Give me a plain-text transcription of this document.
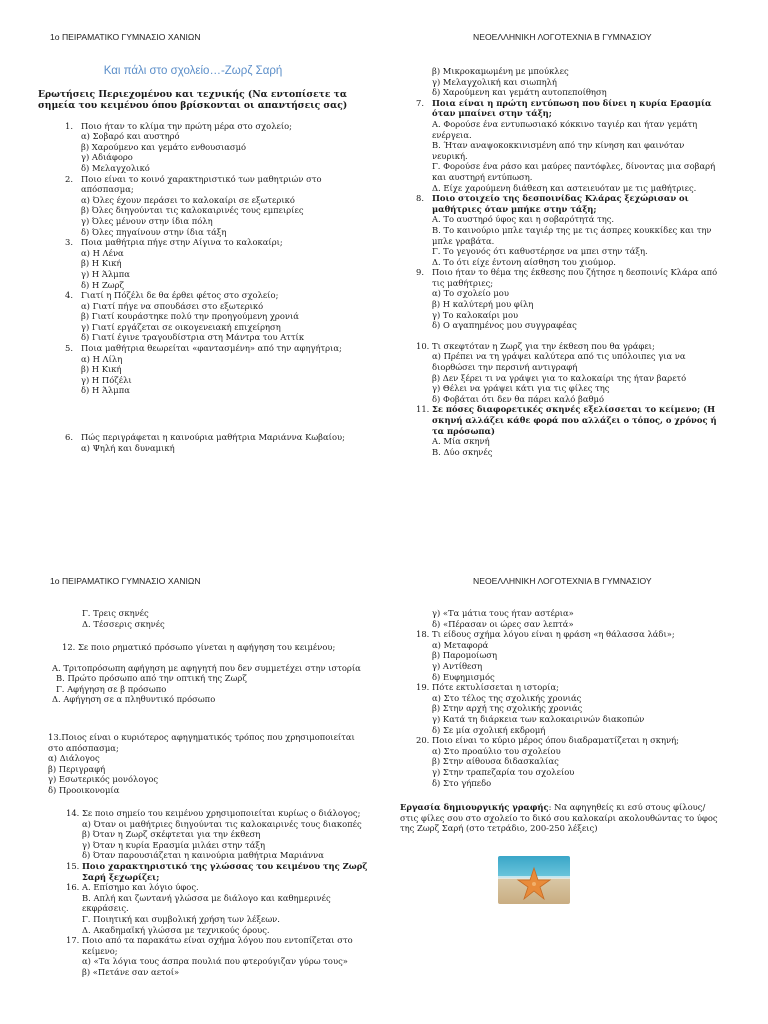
1ο ΠΕΙΡΑΜΑΤΙΚΟ ΓΥΜΝΑΣΙΟ ΧΑΝΙΩΝ	ΝΕΟΕΛΛΗΝΙΚΗ ΛΟΓΟΤΕΧΝΙΑ Β ΓΥΜΝΑΣΙΟΥ
Και πάλι στο σχολείο…-Ζωρζ Σαρή
Ερωτήσεις Περιεχομένου και τεχνικής (Να εντοπίσετε τα σημεία του κειμένου όπου βρίσκονται οι απαντήσεις σας)
1. Ποιο ήταν το κλίμα την πρώτη μέρα στο σχολείο;
α) Σοβαρό και αυστηρό
β) Χαρούμενο και γεμάτο ενθουσιασμό
γ) Αδιάφορο
δ) Μελαγχολικό
2. Ποιο είναι το κοινό χαρακτηριστικό των μαθητριών στο απόσπασμα;
α) Όλες έχουν περάσει το καλοκαίρι σε εξωτερικό
β) Όλες διηγούνται τις καλοκαιρινές τους εμπειρίες
γ) Όλες μένουν στην ίδια πόλη
δ) Όλες πηγαίνουν στην ίδια τάξη
3. Ποια μαθήτρια πήγε στην Αίγινα το καλοκαίρι;
α) Η Λένα
β) Η Κική
γ) Η Άλμπα
δ) Η Ζωρζ
4. Γιατί η Πόζέλι δε θα έρθει φέτος στο σχολείο;
α) Γιατί πήγε να σπουδάσει στο εξωτερικό
β) Γιατί κουράστηκε πολύ την προηγούμενη χρονιά
γ) Γιατί εργάζεται σε οικογενειακή επιχείρηση
δ) Γιατί έγινε τραγουδίστρια στη Μάντρα του Αττίκ
5. Ποια μαθήτρια θεωρείται «φαντασμένη» από την αφηγήτρια;
α) Η Λίλη
β) Η Κική
γ) Η Πόζέλι
δ) Η Άλμπα
6. Πώς περιγράφεται η καινούρια μαθήτρια Μαριάννα Κωβαίου;
α) Ψηλή και δυναμική
β) Μικροκαμωμένη με μπούκλες
γ) Μελαγχολική και σιωπηλή
δ) Χαρούμενη και γεμάτη αυτοπεποίθηση
7. Ποια είναι η πρώτη εντύπωση που δίνει η κυρία Ερασμία όταν μπαίνει στην τάξη;
Α. Φορούσε ένα εντυπωσιακό κόκκινο ταγιέρ και ήταν γεμάτη ενέργεια.
Β. Ήταν αναψοκοκκινισμένη από την κίνηση και φαινόταν νευρική.
Γ. Φορούσε ένα ράσο και μαύρες παντόφλες, δίνοντας μια σοβαρή και αυστηρή εντύπωση.
Δ. Είχε χαρούμενη διάθεση και αστειευόταν με τις μαθήτριες.
8. Ποιο στοιχείο της δεσποινίδας Κλάρας ξεχώρισαν οι μαθήτριες όταν μπήκε στην τάξη;
Α. Το αυστηρό ύφος και η σοβαρότητά της.
Β. Το καινούριο μπλε ταγιέρ της με τις άσπρες κουκκίδες και την μπλε γραβάτα.
Γ. Το γεγονός ότι καθυστέρησε να μπει στην τάξη.
Δ. Το ότι είχε έντονη αίσθηση του χιούμορ.
9. Ποιο ήταν το θέμα της έκθεσης που ζήτησε η δεσποινίς Κλάρα από τις μαθήτριες;
α) Το σχολείο μου
β) Η καλύτερή μου φίλη
γ) Το καλοκαίρι μου
δ) Ο αγαπημένος μου συγγραφέας
10. Τι σκεφτόταν η Ζωρζ για την έκθεση που θα γράφει;
α) Πρέπει να τη γράψει καλύτερα από τις υπόλοιπες για να διορθώσει την περσινή αντιγραφή
β) Δεν ξέρει τι να γράψει για το καλοκαίρι της ήταν βαρετό
γ) Θέλει να γράψει κάτι για τις φίλες της
δ) Φοβάται ότι δεν θα πάρει καλό βαθμό
11. Σε πόσες διαφορετικές σκηνές εξελίσσεται το κείμενο; (Η σκηνή αλλάζει κάθε φορά που αλλάζει ο τόπος, ο χρόνος ή τα πρόσωπα)
Α. Μία σκηνή
Β. Δύο σκηνές
1ο ΠΕΙΡΑΜΑΤΙΚΟ ΓΥΜΝΑΣΙΟ ΧΑΝΙΩΝ	ΝΕΟΕΛΛΗΝΙΚΗ ΛΟΓΟΤΕΧΝΙΑ Β ΓΥΜΝΑΣΙΟΥ
Γ. Τρεις σκηνές
Δ. Τέσσερις σκηνές
12. Σε ποιο ρηματικό πρόσωπο γίνεται η αφήγηση του κειμένου;
Α. Τριτοπρόσωπη αφήγηση με αφηγητή που δεν συμμετέχει στην ιστορία
Β. Πρώτο πρόσωπο από την οπτική της Ζωρζ
Γ. Αφήγηση σε β πρόσωπο
Δ. Αφήγηση σε α πληθυντικό πρόσωπο
13.Ποιος είναι ο κυριότερος αφηγηματικός τρόπος που χρησιμοποιείται στο απόσπασμα;
α) Διάλογος
β) Περιγραφή
γ) Εσωτερικός μονόλογος
δ) Προοικονομία
14. Σε ποιο σημείο του κειμένου χρησιμοποιείται κυρίως ο διάλογος;
α) Όταν οι μαθήτριες διηγούνται τις καλοκαιρινές τους διακοπές
β) Όταν η Ζωρζ σκέφτεται για την έκθεση
γ) Όταν η κυρία Ερασμία μιλάει στην τάξη
δ) Όταν παρουσιάζεται η καινούρια μαθήτρια Μαριάννα
15. Ποιο χαρακτηριστικό της γλώσσας του κειμένου της Ζωρζ Σαρή ξεχωρίζει;
16. Α. Επίσημο και λόγιο ύφος.
Β. Απλή και ζωντανή γλώσσα με διάλογο και καθημερινές εκφράσεις.
Γ. Ποιητική και συμβολική χρήση των λέξεων.
Δ. Ακαδημαϊκή γλώσσα με τεχνικούς όρους.
17. Ποιο από τα παρακάτω είναι σχήμα λόγου που εντοπίζεται στο κείμενο;
α) «Τα λόγια τους άσπρα πουλιά που φτερούγιζαν γύρω τους»
β) «Πετάνε σαν αετοί»
γ) «Τα μάτια τους ήταν αστέρια»
δ) «Πέρασαν οι ώρες σαν λεπτά»
18. Τι είδους σχήμα λόγου είναι η φράση «η θάλασσα λάδι»;
α) Μεταφορά
β) Παρομοίωση
γ) Αντίθεση
δ) Ευφημισμός
19. Πότε εκτυλίσσεται η ιστορία;
α) Στο τέλος της σχολικής χρονιάς
β) Στην αρχή της σχολικής χρονιάς
γ) Κατά τη διάρκεια των καλοκαιρινών διακοπών
δ) Σε μία σχολική εκδρομή
20. Ποιο είναι το κύριο μέρος όπου διαδραματίζεται η σκηνή;
α) Στο προαύλιο του σχολείου
β) Στην αίθουσα διδασκαλίας
γ) Στην τραπεζαρία του σχολείου
δ) Στο γήπεδο
Εργασία δημιουργικής γραφής: Να αφηγηθείς κι εσύ στους φίλους/στις φίλες σου στο σχολείο το δικό σου καλοκαίρι ακολουθώντας το ύφος της Ζωρζ Σαρή (στο τετράδιο, 200-250 λέξεις)
